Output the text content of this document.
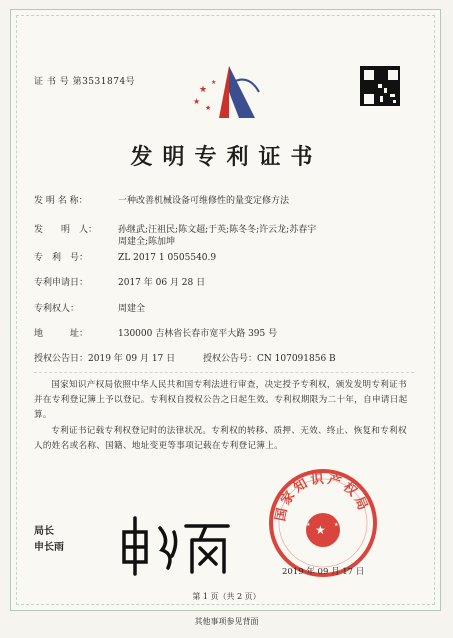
证 书 号 第3531874号
★
★
★
★
发明专利证书
发 明 名 称：	一种改善机械设备可维修性的量变定修方法
发　　明　人：	孙继武;汪祖民;陈文超;于英;陈冬冬;许云龙;苏春宇
周建全;陈加坤
专　利　号：	ZL 2017 1 0505540.9
专利申请日：	2017 年 06 月 28 日
专利权人：	周建全
地　　　址：	130000 吉林省长春市宽平大路 395 号
授权公告日： 2019 年 09 月 17 日	授权公告号： CN 107091856 B
国家知识产权局依照中华人民共和国专利法进行审查，决定授予专利权，颁发发明专利证书并在专利登记簿上予以登记。专利权自授权公告之日起生效。专利权期限为二十年，自申请日起算。
专利证书记载专利权登记时的法律状况。专利权的转移、质押、无效、终止、恢复和专利权人的姓名或名称、国籍、地址变更等事项记载在专利登记簿上。
局长
申长雨
国家知识产权局
★
★	★
2019 年 09 月 17 日
第 1 页（共 2 页）
其他事项参见背面
